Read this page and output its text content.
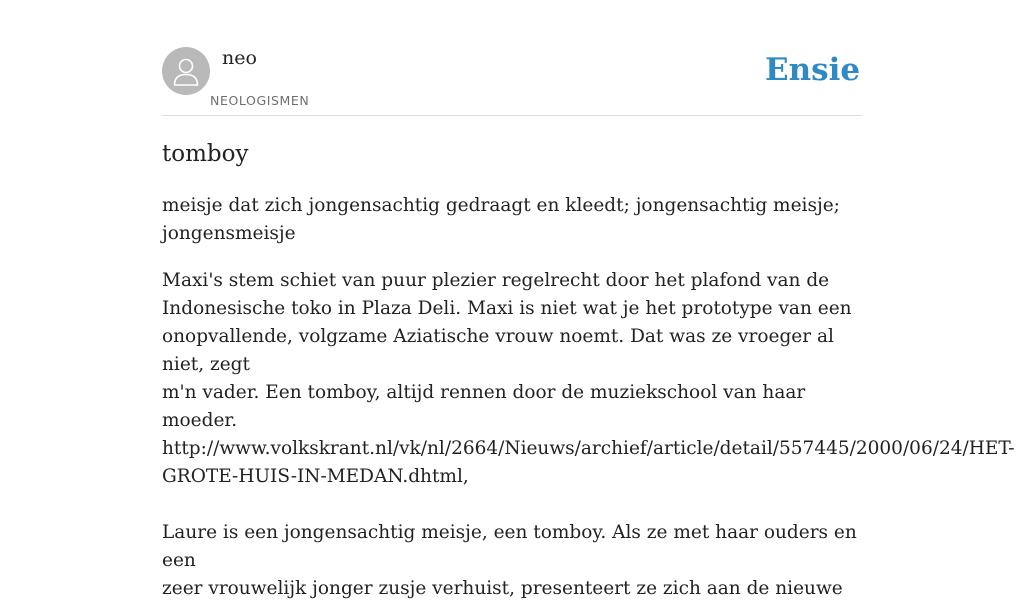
neo
NEOLOGISMEN
Ensie
tomboy

meisje dat zich jongensachtig gedraagt en kleedt; jongensachtig meisje;
jongensmeisje

Maxi's stem schiet van puur plezier regelrecht door het plafond van de
Indonesische toko in Plaza Deli. Maxi is niet wat je het prototype van een
onopvallende, volgzame Aziatische vrouw noemt. Dat was ze vroeger al niet, zegt
m'n vader. Een tomboy, altijd rennen door de muziekschool van haar moeder.
http://www.volkskrant.nl/vk/nl/2664/Nieuws/archief/article/detail/557445/2000/06/24/HET-
GROTE-HUIS-IN-MEDAN.dhtml,
Laure is een jongensachtig meisje, een tomboy. Als ze met haar ouders en een
zeer vrouwelijk jonger zusje verhuist, presenteert ze zich aan de nieuwe
